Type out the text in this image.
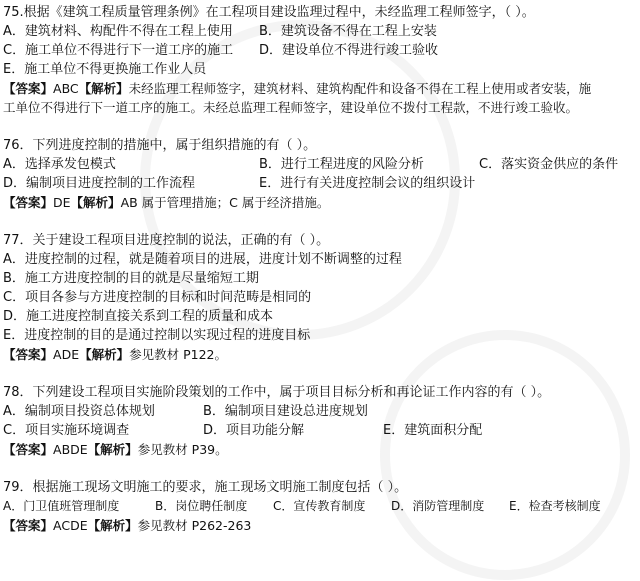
75.根据《建筑工程质量管理条例》在工程项目建设监理过程中，未经监理工程师签字，（ ）。
A．建筑材料、构配件不得在工程上使用	B．建筑设备不得在工程上安装
C．施工单位不得进行下一道工序的施工	D．建设单位不得进行竣工验收
E．施工单位不得更换施工作业人员
【答案】ABC【解析】未经监理工程师签字，建筑材料、建筑构配件和设备不得在工程上使用或者安装，施
工单位不得进行下一道工序的施工。未经总监理工程师签字，建设单位不拨付工程款，不进行竣工验收。
76．下列进度控制的措施中，属于组织措施的有（ ）。
A．选择承发包模式	B．进行工程进度的风险分析	C．落实资金供应的条件
D．编制项目进度控制的工作流程	E．进行有关进度控制会议的组织设计
【答案】DE【解析】AB 属于管理措施；C 属于经济措施。
77．关于建设工程项目进度控制的说法，正确的有（ ）。
A．进度控制的过程，就是随着项目的进展，进度计划不断调整的过程
B．施工方进度控制的目的就是尽量缩短工期
C．项目各参与方进度控制的目标和时间范畴是相同的
D．施工进度控制直接关系到工程的质量和成本
E．进度控制的目的是通过控制以实现过程的进度目标
【答案】ADE【解析】参见教材 P122。
78．下列建设工程项目实施阶段策划的工作中，属于项目目标分析和再论证工作内容的有（ ）。
A．编制项目投资总体规划	B．编制项目建设总进度规划
C．项目实施环境调查	D．项目功能分解	E．建筑面积分配
【答案】ABDE【解析】参见教材 P39。
79．根据施工现场文明施工的要求，施工现场文明施工制度包括（ ）。
A．门卫值班管理制度	B．岗位聘任制度	C．宣传教育制度	D．消防管理制度	E．检查考核制度
【答案】ACDE【解析】参见教材 P262-263
